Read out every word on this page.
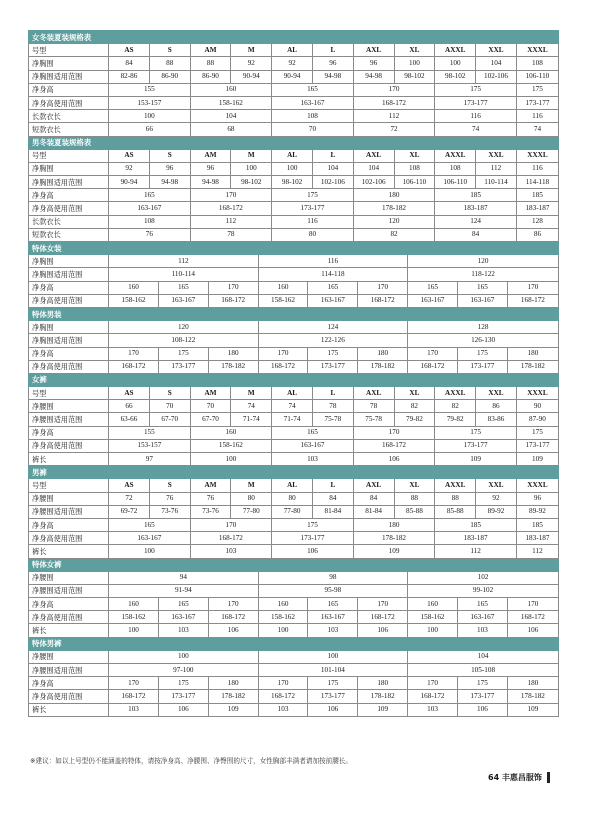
女冬装夏装规格表																			
号型	AS	S		AM		M		AL		L	AXL		XL		AXXL		XXL		XXXL
净胸围	84	88		88		92		92		96	96		100		100		104		108
净胸围适用范围	82-86	86-90		86-90		90-94		90-94		94-98	94-98		98-102		98-102		102-106		106-110
净身高	155			160				165			170				175				175
净身高使用范围	153-157			158-162				163-167			168-172				173-177				173-177
长款衣长	100			104				108			112				116				116
短款衣长	66			68				70			72				74				74
男冬装夏装规格表																			
号型	AS	S		AM		M		AL		L	AXL		XL		AXXL		XXL		XXXL
净胸围	92	96		96		100		100		104	104		108		108		112		116
净胸围适用范围	90-94	94-98		94-98		98-102		98-102		102-106	102-106		106-110		106-110		110-114		114-118
净身高	165			170				175			180				185				185
净身高使用范围	163-167			168-172				173-177			178-182				183-187				183-187
长款衣长	108			112				116			120				124				128
短款衣长	76			78				80			82				84				86
特体女装																			
净胸围	112						116							120					
净胸围适用范围	110-114						114-118							118-122					
净身高	160		165		170		160		165			170		165		165		170	
净身高使用范围	158-162		163-167		168-172		158-162		163-167			168-172		163-167		163-167		168-172	
特体男装																			
净胸围	120						124							128					
净胸围适用范围	108-122						122-126							126-130					
净身高	170		175		180		170		175			180		170		175		180	
净身高使用范围	168-172		173-177		178-182		168-172		173-177			178-182		168-172		173-177		178-182	
女裤																			
号型	AS	S		AM		M		AL		L	AXL		XL		AXXL		XXL		XXXL
净腰围	66	70		70		74		74		78	78		82		82		86		90
净腰围适用范围	63-66	67-70		67-70		71-74		71-74		75-78	75-78		79-82		79-82		83-86		87-90
净身高	155			160				165			170				175				175
净身高使用范围	153-157			158-162				163-167			168-172				173-177				173-177
裤长	97			100				103			106				109				109
男裤																			
号型	AS	S		AM		M		AL		L	AXL		XL		AXXL		XXL		XXXL
净腰围	72	76		76		80		80		84	84		88		88		92		96
净腰围适用范围	69-72	73-76		73-76		77-80		77-80		81-84	81-84		85-88		85-88		89-92		89-92
净身高	165			170				175			180				185				185
净身高使用范围	163-167			168-172				173-177			178-182				183-187				183-187
裤长	100			103				106			109				112				112
特体女裤																			
净腰围	94						98							102					
净腰围适用范围	91-94						95-98							99-102					
净身高	160		165		170		160		165			170		160		165		170	
净身高使用范围	158-162		163-167		168-172		158-162		163-167			168-172		158-162		163-167		168-172	
裤长	100		103		106		100		103			106		100		103		106	
特体男裤																			
净腰围	100						100							104					
净腰围适用范围	97-100						101-104							105-108					
净身高	170		175		180		170		175			180		170		175		180	
净身高使用范围	168-172		173-177		178-182		168-172		173-177			178-182		168-172		173-177		178-182	
裤长	103		106		109		103		106			109		103		106		109	
※建议：如以上号型仍不能涵盖的特体，请按净身高、净腰围、净臀围的尺寸，女性胸部丰满者请加按前腰长。
64 丰惠昌服饰
